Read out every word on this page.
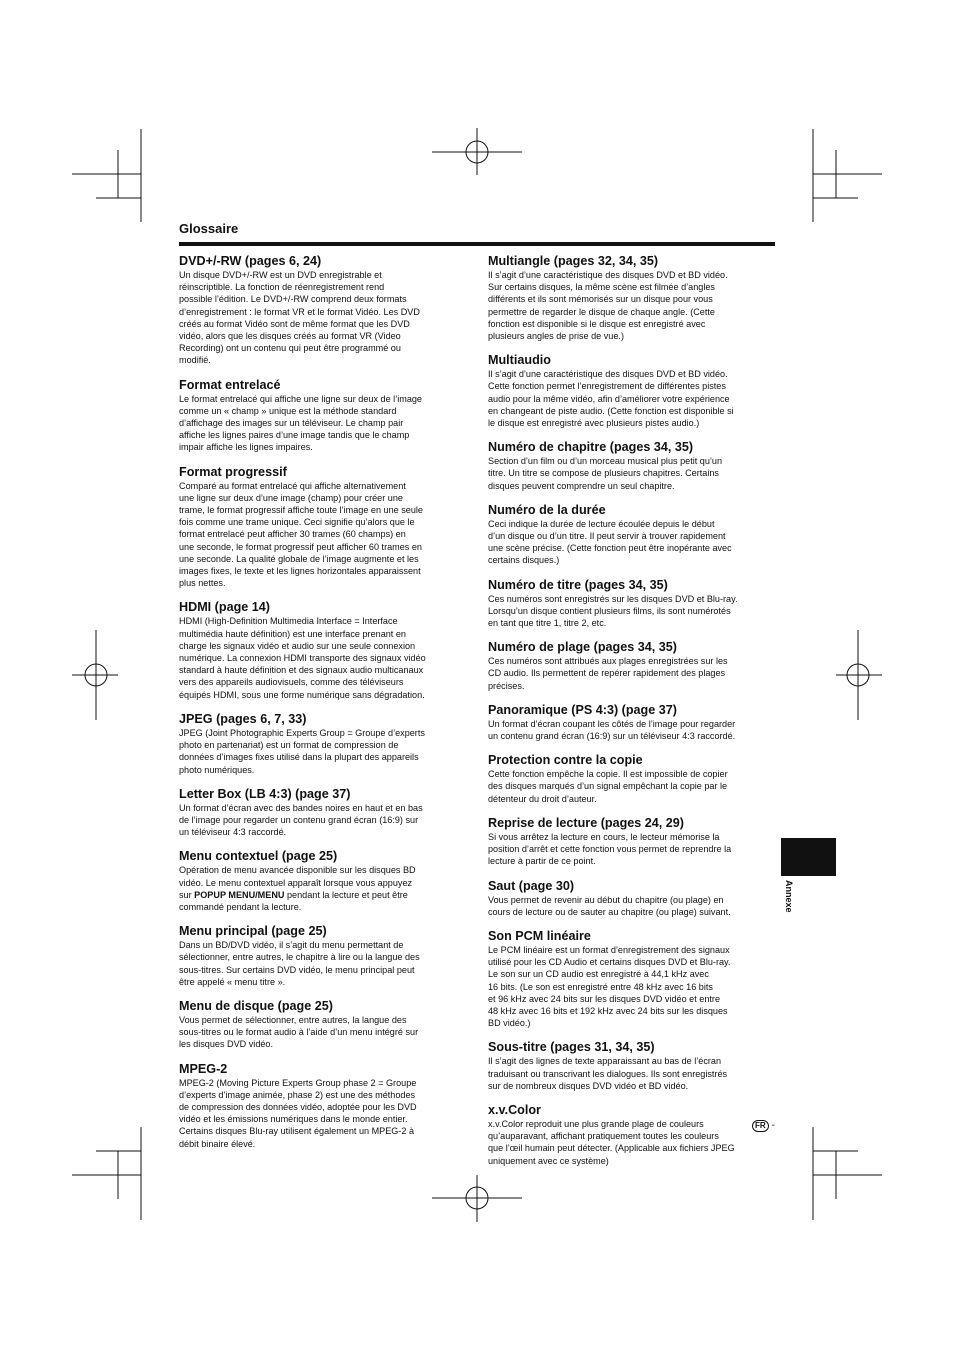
Glossaire

DVD+/-RW (pages 6, 24)

Un disque DVD+/-RW est un DVD enregistrable et
réinscriptible. La fonction de réenregistrement rend
possible l’édition. Le DVD+/-RW comprend deux formats
d’enregistrement : le format VR et le format Vidéo. Les DVD
créés au format Vidéo sont de même format que les DVD
vidéo, alors que les disques créés au format VR (Video
Recording) ont un contenu qui peut être programmé ou
modifié.

Format entrelacé

Le format entrelacé qui affiche une ligne sur deux de l’image
comme un « champ » unique est la méthode standard
d’affichage des images sur un téléviseur. Le champ pair
affiche les lignes paires d’une image tandis que le champ
impair affiche les lignes impaires.

Format progressif

Comparé au format entrelacé qui affiche alternativement
une ligne sur deux d’une image (champ) pour créer une
trame, le format progressif affiche toute l’image en une seule
fois comme une trame unique. Ceci signifie qu’alors que le
format entrelacé peut afficher 30 trames (60 champs) en
une seconde, le format progressif peut afficher 60 trames en
une seconde. La qualité globale de l’image augmente et les
images fixes, le texte et les lignes horizontales apparaissent
plus nettes.

HDMI (page 14)

HDMI (High-Definition Multimedia Interface = Interface
multimédia haute définition) est une interface prenant en
charge les signaux vidéo et audio sur une seule connexion
numérique. La connexion HDMI transporte des signaux vidéo
standard à haute définition et des signaux audio multicanaux
vers des appareils audiovisuels, comme des téléviseurs
équipés HDMI, sous une forme numérique sans dégradation.

JPEG (pages 6, 7, 33)

JPEG (Joint Photographic Experts Group = Groupe d’experts
photo en partenariat) est un format de compression de
données d’images fixes utilisé dans la plupart des appareils
photo numériques.

Letter Box (LB 4:3) (page 37)

Un format d’écran avec des bandes noires en haut et en bas
de l’image pour regarder un contenu grand écran (16:9) sur
un téléviseur 4:3 raccordé.

Menu contextuel (page 25)

Opération de menu avancée disponible sur les disques BD
vidéo. Le menu contextuel apparaît lorsque vous appuyez
sur POPUP MENU/MENU pendant la lecture et peut être
commandé pendant la lecture.

Menu principal (page 25)

Dans un BD/DVD vidéo, il s’agit du menu permettant de
sélectionner, entre autres, le chapitre à lire ou la langue des
sous-titres. Sur certains DVD vidéo, le menu principal peut
être appelé « menu titre ».

Menu de disque (page 25)

Vous permet de sélectionner, entre autres, la langue des
sous-titres ou le format audio à l’aide d’un menu intégré sur
les disques DVD vidéo.

MPEG-2

MPEG-2 (Moving Picture Experts Group phase 2 = Groupe
d’experts d’image animée, phase 2) est une des méthodes
de compression des données vidéo, adoptée pour les DVD
vidéo et les émissions numériques dans le monde entier.
Certains disques Blu-ray utilisent également un MPEG-2 à
débit binaire élevé.

Multiangle (pages 32, 34, 35)

Il s’agit d’une caractéristique des disques DVD et BD vidéo.
Sur certains disques, la même scène est filmée d’angles
différents et ils sont mémorisés sur un disque pour vous
permettre de regarder le disque de chaque angle. (Cette
fonction est disponible si le disque est enregistré avec
plusieurs angles de prise de vue.)

Multiaudio

Il s’agit d’une caractéristique des disques DVD et BD vidéo.
Cette fonction permet l’enregistrement de différentes pistes
audio pour la même vidéo, afin d’améliorer votre expérience
en changeant de piste audio. (Cette fonction est disponible si
le disque est enregistré avec plusieurs pistes audio.)

Numéro de chapitre (pages 34, 35)

Section d’un film ou d’un morceau musical plus petit qu’un
titre. Un titre se compose de plusieurs chapitres. Certains
disques peuvent comprendre un seul chapitre.

Numéro de la durée

Ceci indique la durée de lecture écoulée depuis le début
d’un disque ou d’un titre. Il peut servir à trouver rapidement
une scène précise. (Cette fonction peut être inopérante avec
certains disques.)

Numéro de titre (pages 34, 35)

Ces numéros sont enregistrés sur les disques DVD et Blu-ray.
Lorsqu’un disque contient plusieurs films, ils sont numérotés
en tant que titre 1, titre 2, etc.

Numéro de plage (pages 34, 35)

Ces numéros sont attribués aux plages enregistrées sur les
CD audio. Ils permettent de repérer rapidement des plages
précises.

Panoramique (PS 4:3) (page 37)

Un format d’écran coupant les côtés de l’image pour regarder
un contenu grand écran (16:9) sur un téléviseur 4:3 raccordé.

Protection contre la copie

Cette fonction empêche la copie. Il est impossible de copier
des disques marqués d’un signal empêchant la copie par le
détenteur du droit d’auteur.

Reprise de lecture (pages 24, 29)

Si vous arrêtez la lecture en cours, le lecteur mémorise la
position d’arrêt et cette fonction vous permet de reprendre la
lecture à partir de ce point.

Saut (page 30)

Vous permet de revenir au début du chapitre (ou plage) en
cours de lecture ou de sauter au chapitre (ou plage) suivant.

Son PCM linéaire

Le PCM linéaire est un format d’enregistrement des signaux
utilisé pour les CD Audio et certains disques DVD et Blu-ray.
Le son sur un CD audio est enregistré à 44,1 kHz avec
16 bits. (Le son est enregistré entre 48 kHz avec 16 bits
et 96 kHz avec 24 bits sur les disques DVD vidéo et entre
48 kHz avec 16 bits et 192 kHz avec 24 bits sur les disques
BD vidéo.)

Sous-titre (pages 31, 34, 35)

Il s’agit des lignes de texte apparaissant au bas de l’écran
traduisant ou transcrivant les dialogues. Ils sont enregistrés
sur de nombreux disques DVD vidéo et BD vidéo.

x.v.Color

x.v.Color reproduit une plus grande plage de couleurs
qu’auparavant, affichant pratiquement toutes les couleurs
que l’œil humain peut détecter. (Applicable aux fichiers JPEG
uniquement avec ce système)

Annexe

FR -
